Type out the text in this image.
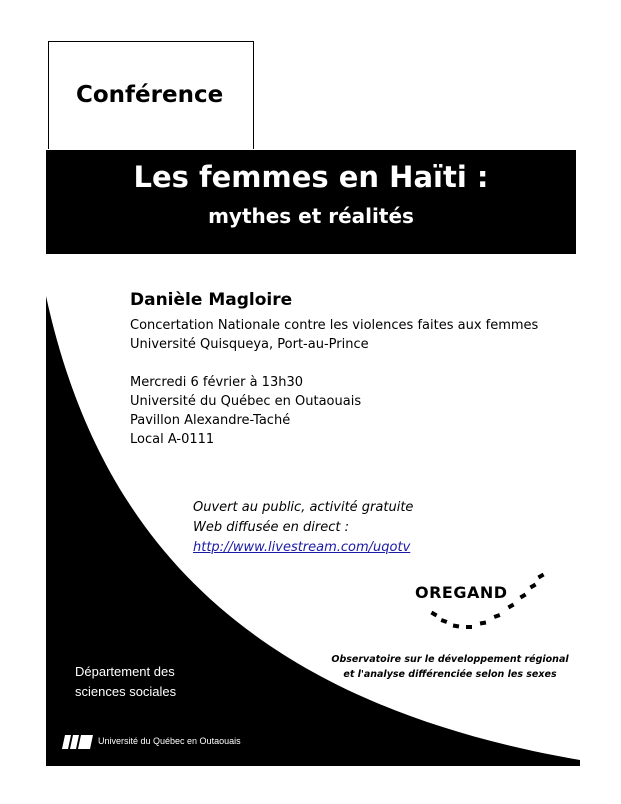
Conférence
Les femmes en Haïti :
mythes et réalités
Danièle Magloire
Concertation Nationale contre les violences faites aux femmes
Université Quisqueya, Port-au-Prince
Mercredi 6 février à 13h30
Université du Québec en Outaouais
Pavillon Alexandre-Taché
Local A-0111
Ouvert au public, activité gratuite
Web diffusée en direct :
http://www.livestream.com/uqotv
OREGAND
Observatoire sur le développement régional
et l'analyse différenciée selon les sexes
Département des
sciences sociales
Université du Québec en Outaouais
